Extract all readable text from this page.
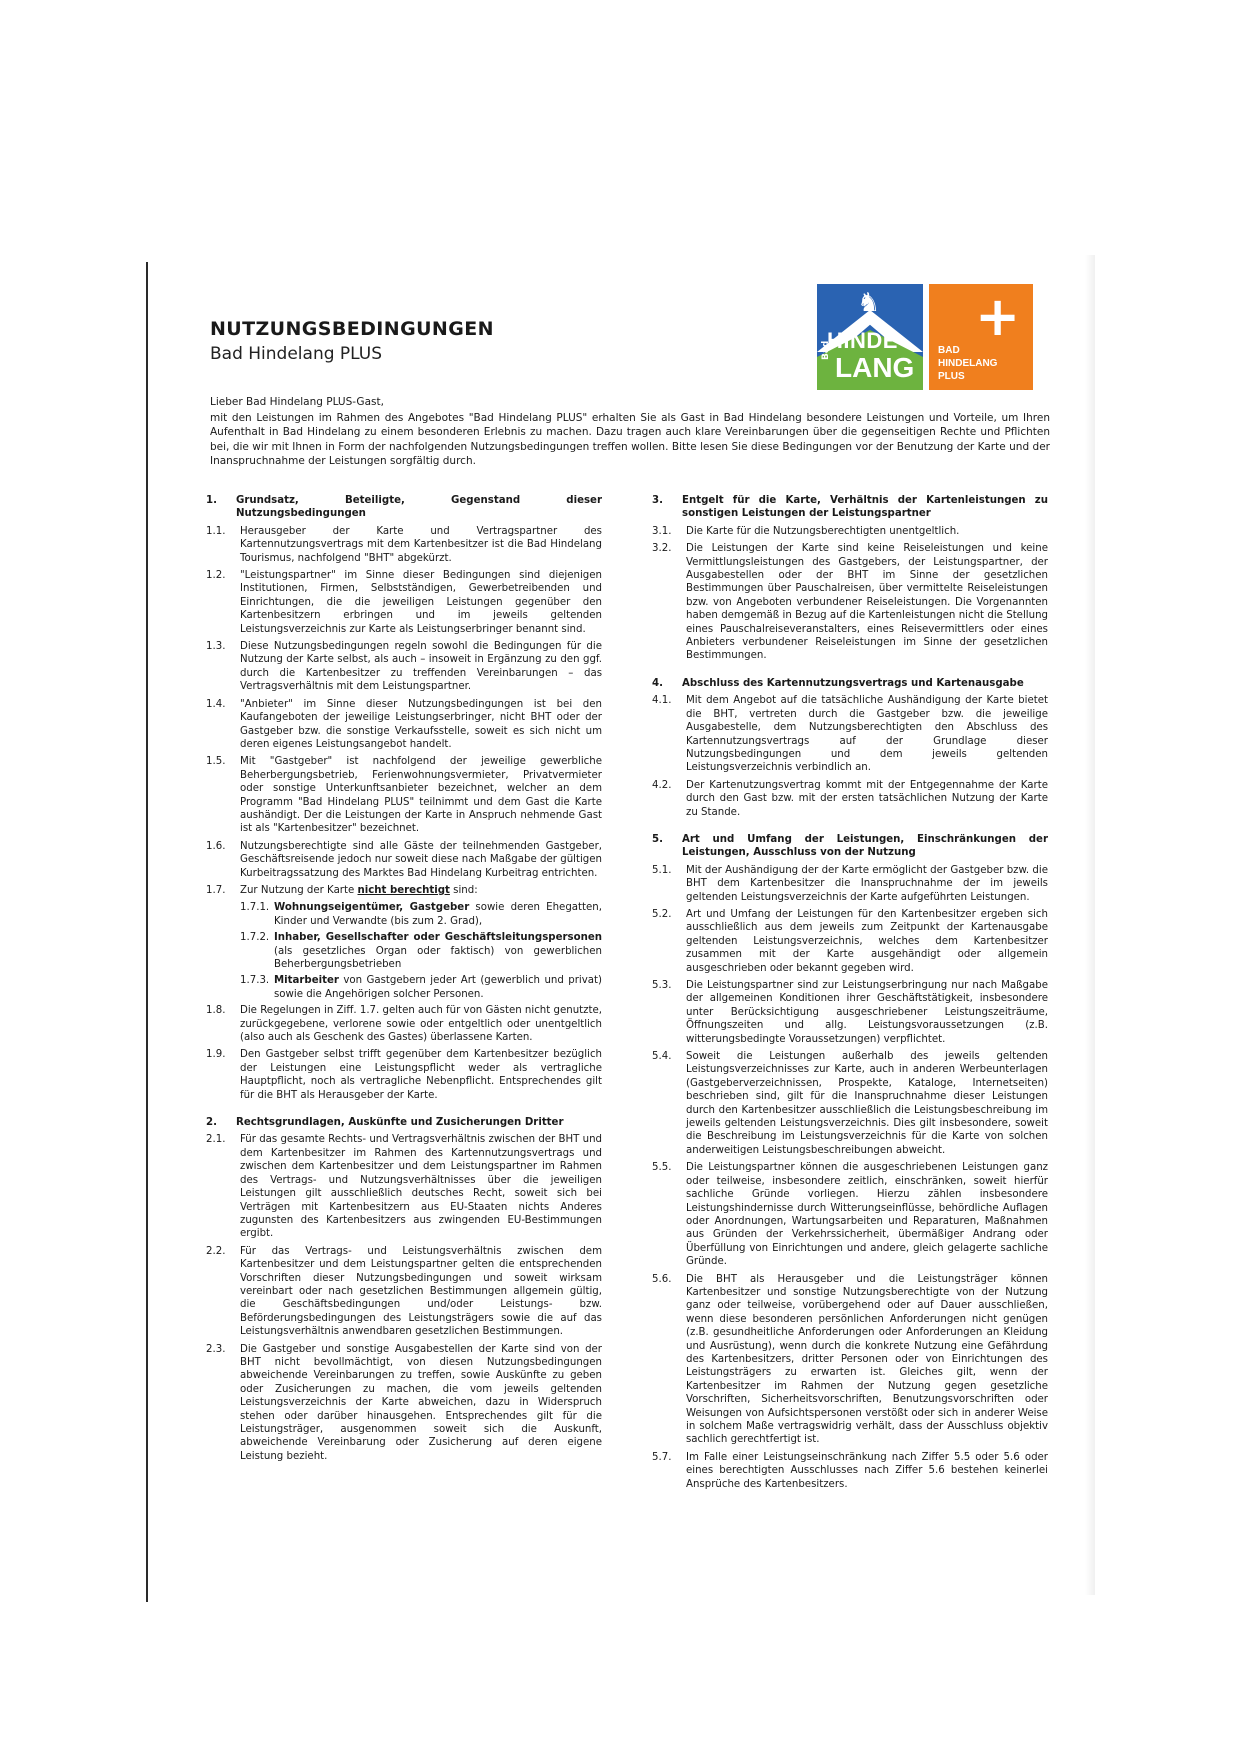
NUTZUNGSBEDINGUNGEN
Bad Hindelang PLUS
♞
HINDE
LANG
Bad
+
BAD
HINDELANG
PLUS
Lieber Bad Hindelang PLUS-Gast,
mit den Leistungen im Rahmen des Angebotes "Bad Hindelang PLUS" erhalten Sie als Gast in Bad Hindelang besondere Leistungen und Vorteile, um Ihren Aufenthalt in Bad Hindelang zu einem besonderen Erlebnis zu machen. Dazu tragen auch klare Vereinbarungen über die gegenseitigen Rechte und Pflichten bei, die wir mit Ihnen in Form der nachfolgenden Nutzungsbedingungen treffen wollen. Bitte lesen Sie diese Bedingungen vor der Benutzung der Karte und der Inanspruchnahme der Leistungen sorgfältig durch.
1.	Grundsatz, Beteiligte, Gegenstand dieser Nutzungsbedingungen
1.1.	Herausgeber der Karte und Vertragspartner des Kartennutzungsvertrags mit dem Kartenbesitzer ist die Bad Hindelang Tourismus, nachfolgend "BHT" abgekürzt.
1.2.	"Leistungspartner" im Sinne dieser Bedingungen sind diejenigen Institutionen, Firmen, Selbstständigen, Gewerbetreibenden und Einrichtungen, die die jeweiligen Leistungen gegenüber den Kartenbesitzern erbringen und im jeweils geltenden Leistungsverzeichnis zur Karte als Leistungserbringer benannt sind.
1.3.	Diese Nutzungsbedingungen regeln sowohl die Bedingungen für die Nutzung der Karte selbst, als auch – insoweit in Ergänzung zu den ggf. durch die Kartenbesitzer zu treffenden Vereinbarungen – das Vertragsverhältnis mit dem Leistungspartner.
1.4.	"Anbieter" im Sinne dieser Nutzungsbedingungen ist bei den Kaufangeboten der jeweilige Leistungserbringer, nicht BHT oder der Gastgeber bzw. die sonstige Verkaufsstelle, soweit es sich nicht um deren eigenes Leistungsangebot handelt.
1.5.	Mit "Gastgeber" ist nachfolgend der jeweilige gewerbliche Beherbergungsbetrieb, Ferienwohnungsvermieter, Privatvermieter oder sonstige Unterkunftsanbieter bezeichnet, welcher an dem Programm "Bad Hindelang PLUS" teilnimmt und dem Gast die Karte aushändigt. Der die Leistungen der Karte in Anspruch nehmende Gast ist als "Kartenbesitzer" bezeichnet.
1.6.	Nutzungsberechtigte sind alle Gäste der teilnehmenden Gastgeber, Geschäftsreisende jedoch nur soweit diese nach Maßgabe der gültigen Kurbeitragssatzung des Marktes Bad Hindelang Kurbeitrag entrichten.
1.7.	Zur Nutzung der Karte nicht berechtigt sind:
1.7.1. Wohnungseigentümer, Gastgeber sowie deren Ehegatten, Kinder und Verwandte (bis zum 2. Grad),
1.7.2. Inhaber, Gesellschafter oder Geschäftsleitungspersonen (als gesetzliches Organ oder faktisch) von gewerblichen Beherbergungsbetrieben
1.7.3. Mitarbeiter von Gastgebern jeder Art (gewerblich und privat) sowie die Angehörigen solcher Personen.
1.8.	Die Regelungen in Ziff. 1.7. gelten auch für von Gästen nicht genutzte, zurückgegebene, verlorene sowie oder entgeltlich oder unentgeltlich (also auch als Geschenk des Gastes) überlassene Karten.
1.9.	Den Gastgeber selbst trifft gegenüber dem Kartenbesitzer bezüglich der Leistungen eine Leistungspflicht weder als vertragliche Hauptpflicht, noch als vertragliche Nebenpflicht. Entsprechendes gilt für die BHT als Herausgeber der Karte.
2.	Rechtsgrundlagen, Auskünfte und Zusicherungen Dritter
2.1.	Für das gesamte Rechts- und Vertragsverhältnis zwischen der BHT und dem Kartenbesitzer im Rahmen des Kartennutzungsvertrags und zwischen dem Kartenbesitzer und dem Leistungspartner im Rahmen des Vertrags- und Nutzungsverhältnisses über die jeweiligen Leistungen gilt ausschließlich deutsches Recht, soweit sich bei Verträgen mit Kartenbesitzern aus EU-Staaten nichts Anderes zugunsten des Kartenbesitzers aus zwingenden EU-Bestimmungen ergibt.
2.2.	Für das Vertrags- und Leistungsverhältnis zwischen dem Kartenbesitzer und dem Leistungspartner gelten die entsprechenden Vorschriften dieser Nutzungsbedingungen und soweit wirksam vereinbart oder nach gesetzlichen Bestimmungen allgemein gültig, die Geschäftsbedingungen und/oder Leistungs- bzw. Beförderungsbedingungen des Leistungsträgers sowie die auf das Leistungsverhältnis anwendbaren gesetzlichen Bestimmungen.
2.3.	Die Gastgeber und sonstige Ausgabestellen der Karte sind von der BHT nicht bevollmächtigt, von diesen Nutzungsbedingungen abweichende Vereinbarungen zu treffen, sowie Auskünfte zu geben oder Zusicherungen zu machen, die vom jeweils geltenden Leistungsverzeichnis der Karte abweichen, dazu in Widerspruch stehen oder darüber hinausgehen. Entsprechendes gilt für die Leistungsträger, ausgenommen soweit sich die Auskunft, abweichende Vereinbarung oder Zusicherung auf deren eigene Leistung bezieht.
3.	Entgelt für die Karte, Verhältnis der Kartenleistungen zu sonstigen Leistungen der Leistungspartner
3.1.	Die Karte für die Nutzungsberechtigten unentgeltlich.
3.2.	Die Leistungen der Karte sind keine Reiseleistungen und keine Vermittlungsleistungen des Gastgebers, der Leistungspartner, der Ausgabestellen oder der BHT im Sinne der gesetzlichen Bestimmungen über Pauschalreisen, über vermittelte Reiseleistungen bzw. von Angeboten verbundener Reiseleistungen. Die Vorgenannten haben demgemäß in Bezug auf die Kartenleistungen nicht die Stellung eines Pauschalreiseveranstalters, eines Reisevermittlers oder eines Anbieters verbundener Reiseleistungen im Sinne der gesetzlichen Bestimmungen.
4.	Abschluss des Kartennutzungsvertrags und Kartenausgabe
4.1.	Mit dem Angebot auf die tatsächliche Aushändigung der Karte bietet die BHT, vertreten durch die Gastgeber bzw. die jeweilige Ausgabestelle, dem Nutzungsberechtigten den Abschluss des Kartennutzungsvertrags auf der Grundlage dieser Nutzungsbedingungen und dem jeweils geltenden Leistungsverzeichnis verbindlich an.
4.2.	Der Kartenutzungsvertrag kommt mit der Entgegennahme der Karte durch den Gast bzw. mit der ersten tatsächlichen Nutzung der Karte zu Stande.
5.	Art und Umfang der Leistungen, Einschränkungen der Leistungen, Ausschluss von der Nutzung
5.1.	Mit der Aushändigung der der Karte ermöglicht der Gastgeber bzw. die BHT dem Kartenbesitzer die Inanspruchnahme der im jeweils geltenden Leistungsverzeichnis der Karte aufgeführten Leistungen.
5.2.	Art und Umfang der Leistungen für den Kartenbesitzer ergeben sich ausschließlich aus dem jeweils zum Zeitpunkt der Kartenausgabe geltenden Leistungsverzeichnis, welches dem Kartenbesitzer zusammen mit der Karte ausgehändigt oder allgemein ausgeschrieben oder bekannt gegeben wird.
5.3.	Die Leistungspartner sind zur Leistungserbringung nur nach Maßgabe der allgemeinen Konditionen ihrer Geschäftstätigkeit, insbesondere unter Berücksichtigung ausgeschriebener Leistungszeiträume, Öffnungszeiten und allg. Leistungsvoraussetzungen (z.B. witterungsbedingte Voraussetzungen) verpflichtet.
5.4.	Soweit die Leistungen außerhalb des jeweils geltenden Leistungsverzeichnisses zur Karte, auch in anderen Werbeunterlagen (Gastgeberverzeichnissen, Prospekte, Kataloge, Internetseiten) beschrieben sind, gilt für die Inanspruchnahme dieser Leistungen durch den Kartenbesitzer ausschließlich die Leistungsbeschreibung im jeweils geltenden Leistungsverzeichnis. Dies gilt insbesondere, soweit die Beschreibung im Leistungsverzeichnis für die Karte von solchen anderweitigen Leistungsbeschreibungen abweicht.
5.5.	Die Leistungspartner können die ausgeschriebenen Leistungen ganz oder teilweise, insbesondere zeitlich, einschränken, soweit hierfür sachliche Gründe vorliegen. Hierzu zählen insbesondere Leistungshindernisse durch Witterungseinflüsse, behördliche Auflagen oder Anordnungen, Wartungsarbeiten und Reparaturen, Maßnahmen aus Gründen der Verkehrssicherheit, übermäßiger Andrang oder Überfüllung von Einrichtungen und andere, gleich gelagerte sachliche Gründe.
5.6.	Die BHT als Herausgeber und die Leistungsträger können Kartenbesitzer und sonstige Nutzungsberechtigte von der Nutzung ganz oder teilweise, vorübergehend oder auf Dauer ausschließen, wenn diese besonderen persönlichen Anforderungen nicht genügen (z.B. gesundheitliche Anforderungen oder Anforderungen an Kleidung und Ausrüstung), wenn durch die konkrete Nutzung eine Gefährdung des Kartenbesitzers, dritter Personen oder von Einrichtungen des Leistungsträgers zu erwarten ist. Gleiches gilt, wenn der Kartenbesitzer im Rahmen der Nutzung gegen gesetzliche Vorschriften, Sicherheitsvorschriften, Benutzungsvorschriften oder Weisungen von Aufsichtspersonen verstößt oder sich in anderer Weise in solchem Maße vertragswidrig verhält, dass der Ausschluss objektiv sachlich gerechtfertigt ist.
5.7.	Im Falle einer Leistungseinschränkung nach Ziffer 5.5 oder 5.6 oder eines berechtigten Ausschlusses nach Ziffer 5.6 bestehen keinerlei Ansprüche des Kartenbesitzers.
